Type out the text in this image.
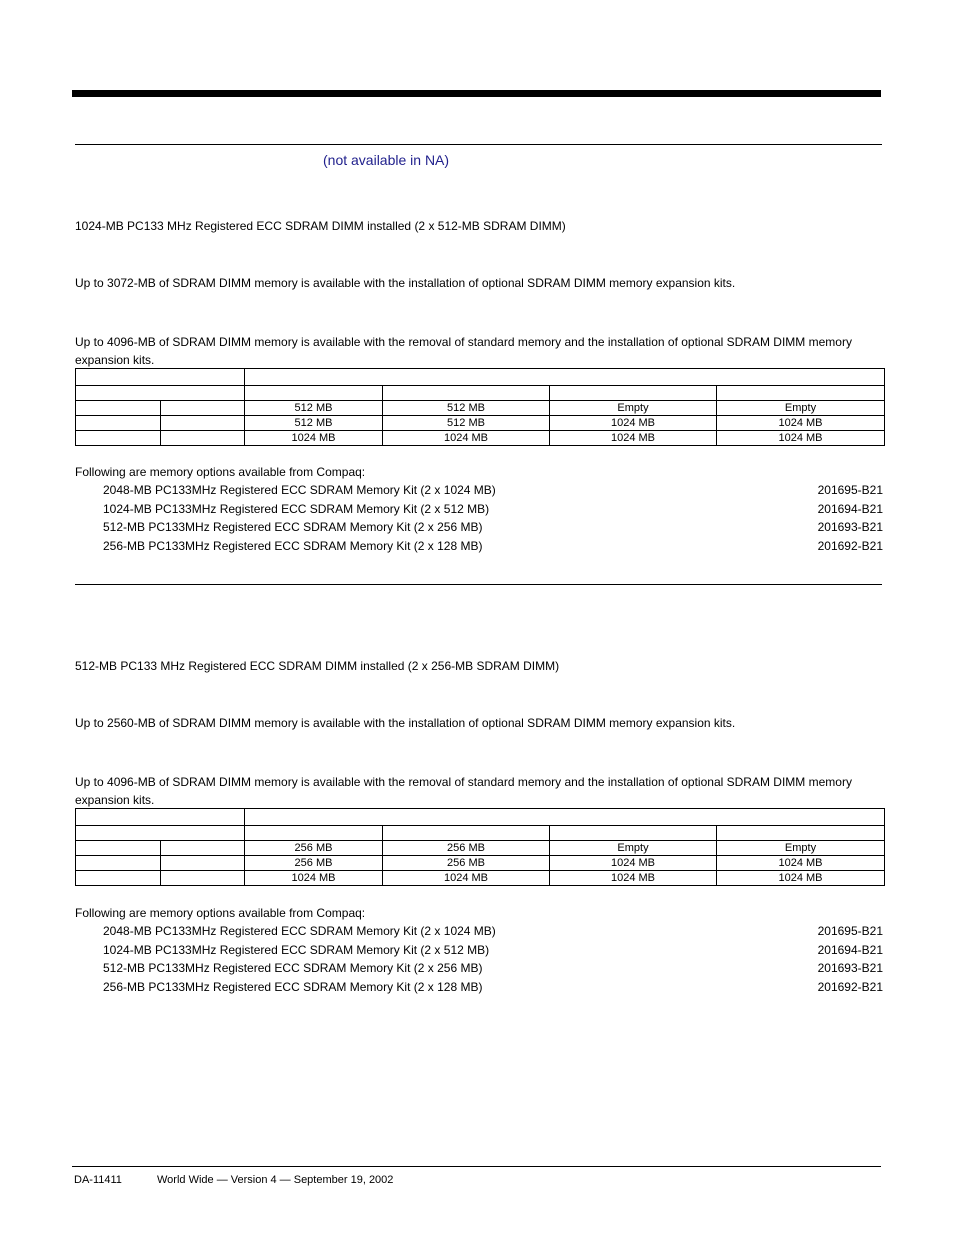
(not available in NA)
1024-MB PC133 MHz Registered ECC SDRAM DIMM installed (2 x 512-MB SDRAM DIMM)
Up to 3072-MB of SDRAM DIMM memory is available with the installation of optional SDRAM DIMM memory expansion kits.
Up to 4096-MB of SDRAM DIMM memory is available with the removal of standard memory and the installation of optional SDRAM DIMM memory expansion kits.

		512 MB	512 MB	Empty	Empty
		512 MB	512 MB	1024 MB	1024 MB
		1024 MB	1024 MB	1024 MB	1024 MB
Following are memory options available from Compaq:
2048-MB PC133MHz Registered ECC SDRAM Memory Kit (2 x 1024 MB)	201695-B21
1024-MB PC133MHz Registered ECC SDRAM Memory Kit (2 x 512 MB)	201694-B21
512-MB PC133MHz Registered ECC SDRAM Memory Kit (2 x 256 MB)	201693-B21
256-MB PC133MHz Registered ECC SDRAM Memory Kit (2 x 128 MB)	201692-B21
512-MB PC133 MHz Registered ECC SDRAM DIMM installed (2 x 256-MB SDRAM DIMM)
Up to 2560-MB of SDRAM DIMM memory is available with the installation of optional SDRAM DIMM memory expansion kits.
Up to 4096-MB of SDRAM DIMM memory is available with the removal of standard memory and the installation of optional SDRAM DIMM memory expansion kits.

		256 MB	256 MB	Empty	Empty
		256 MB	256 MB	1024 MB	1024 MB
		1024 MB	1024 MB	1024 MB	1024 MB
Following are memory options available from Compaq:
2048-MB PC133MHz Registered ECC SDRAM Memory Kit (2 x 1024 MB)	201695-B21
1024-MB PC133MHz Registered ECC SDRAM Memory Kit (2 x 512 MB)	201694-B21
512-MB PC133MHz Registered ECC SDRAM Memory Kit (2 x 256 MB)	201693-B21
256-MB PC133MHz Registered ECC SDRAM Memory Kit (2 x 128 MB)	201692-B21
DA-11411	World Wide — Version 4 — September 19, 2002
